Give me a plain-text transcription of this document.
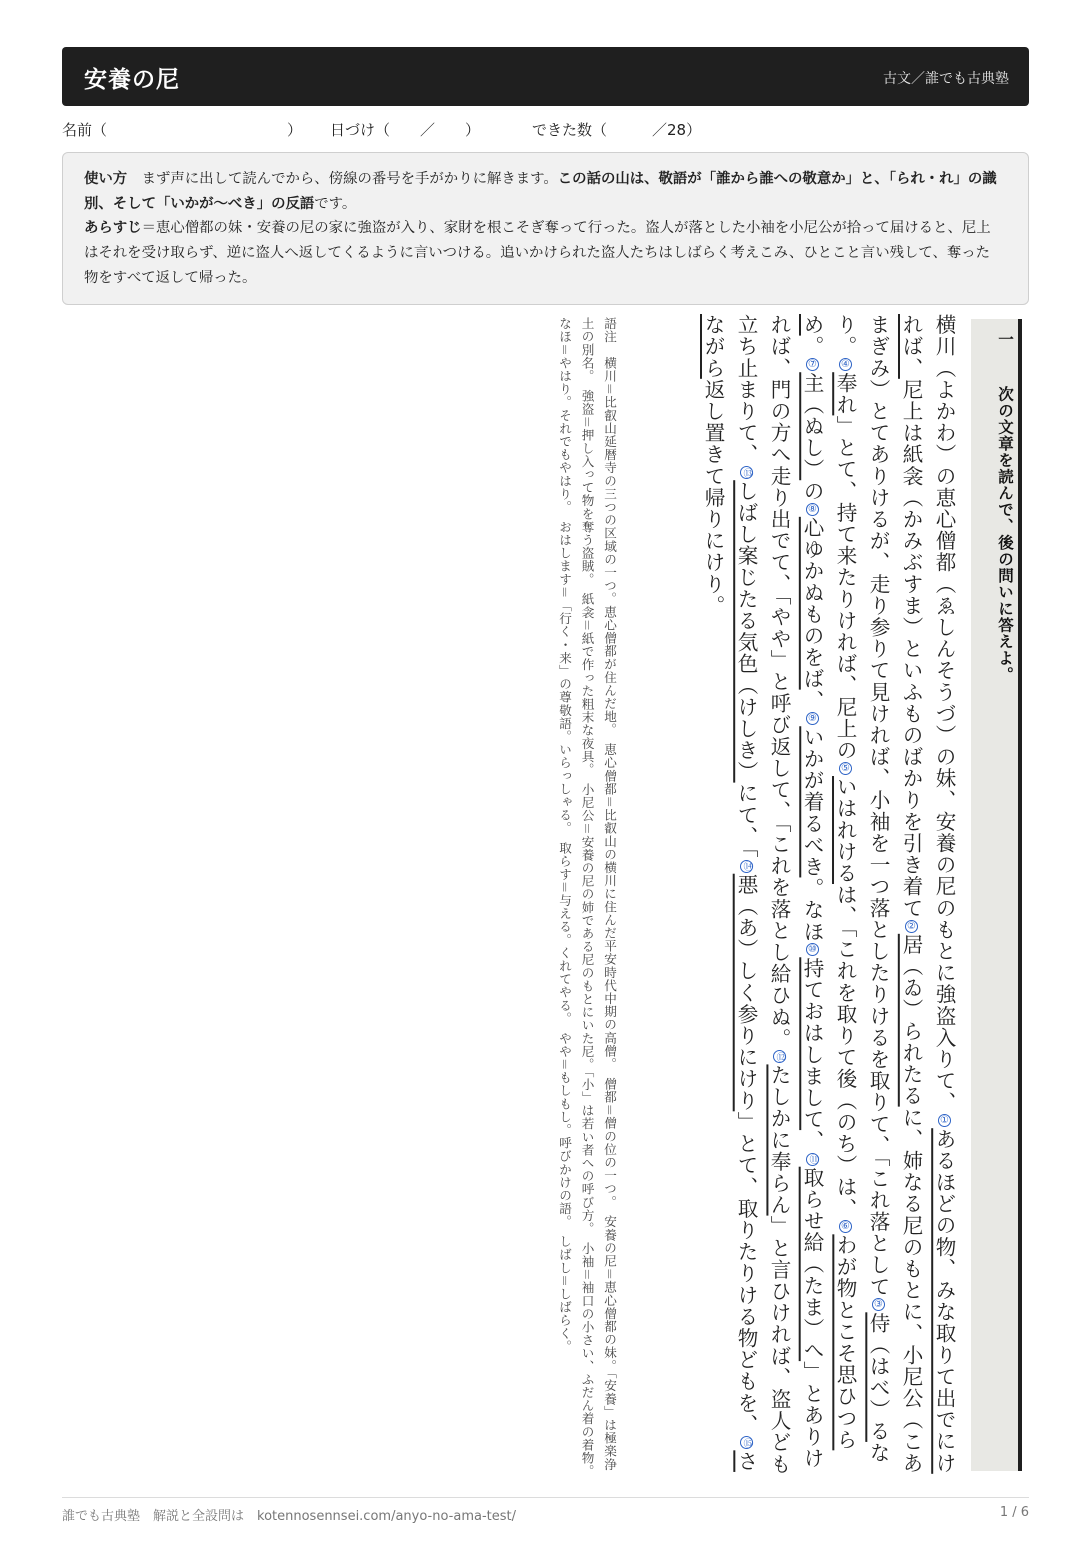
安養の尼	古文／誰でも古典塾
名前（　　　　　　　　　　　　） 日づけ（　　／　　）	できた数（　　　／28）

使い方　 まず声に出して読んでから、傍線の番号を手がかりに解きます。この話の山は、敬語が「誰から誰への敬意か」と、「られ・れ」の識別、そして「いかが〜べき」の反語です。

あらすじ＝恵心僧都の妹・安養の尼の家に強盗が入り、家財を根こそぎ奪って行った。盗人が落とした小袖を小尼公が拾って届けると、尼上はそれを受け取らず、逆に盗人へ返してくるように言いつける。追いかけられた盗人たちはしばらく考えこみ、ひとこと言い残して、奪った物をすべて返して帰った。

一

次の文章を読んで、後の問いに答えよ。

横川（よかわ）の恵心僧都（ゑしんそうづ）の妹、安養の尼のもとに強盗入りて、①あるほどの物、みな取りて出でにければ、尼上は紙衾（かみぶすま）といふものばかりを引き着て②居（ゐ）られたるに、姉なる尼のもとに、小尼公（こあまぎみ）とてありけるが、走り参りて見ければ、小袖を一つ落としたりけるを取りて、「これ落として③侍（はべ）るなり。④奉れ」とて、持て来たりければ、尼上の⑤いはれけるは、「これを取りて後（のち）は、⑥わが物とこそ思ひつらめ。⑦主（ぬし）の⑧心ゆかぬものをば、⑨いかが着るべき。なほ⑩持ておはしまして、⑪取らせ給（たま）へ」とありければ、門の方へ走り出でて、「やや」と呼び返して、「これを落とし給ひぬ。⑫たしかに奉らん」と言ひければ、盗人ども立ち止まりて、⑬しばし案じたる気色（けしき）にて、「⑭悪（あ）しく参りにけり」とて、取りたりける物どもを、⑮さながら返し置きて帰りにけり。

語注　横川＝比叡山延暦寺の三つの区域の一つ。恵心僧都が住んだ地。　恵心僧都＝比叡山の横川に住んだ平安時代中期の高僧。　僧都＝僧の位の一つ。　安養の尼＝恵心僧都の妹。「安養」は極楽浄土の別名。　強盗＝押し入って物を奪う盗賊。　紙衾＝紙で作った粗末な夜具。　小尼公＝安養の尼の姉である尼のもとにいた尼。「小」は若い者への呼び方。　小袖＝袖口の小さい、ふだん着の着物。　なほ＝やはり。それでもやはり。　おはします＝「行く・来」の尊敬語。いらっしゃる。　取らす＝与える。くれてやる。　やや＝もしもし。呼びかけの語。　しばし＝しばらく。
誰でも古典塾　解説と全設問は　kotennosennsei.com/anyo-no-ama-test/	1 / 6
